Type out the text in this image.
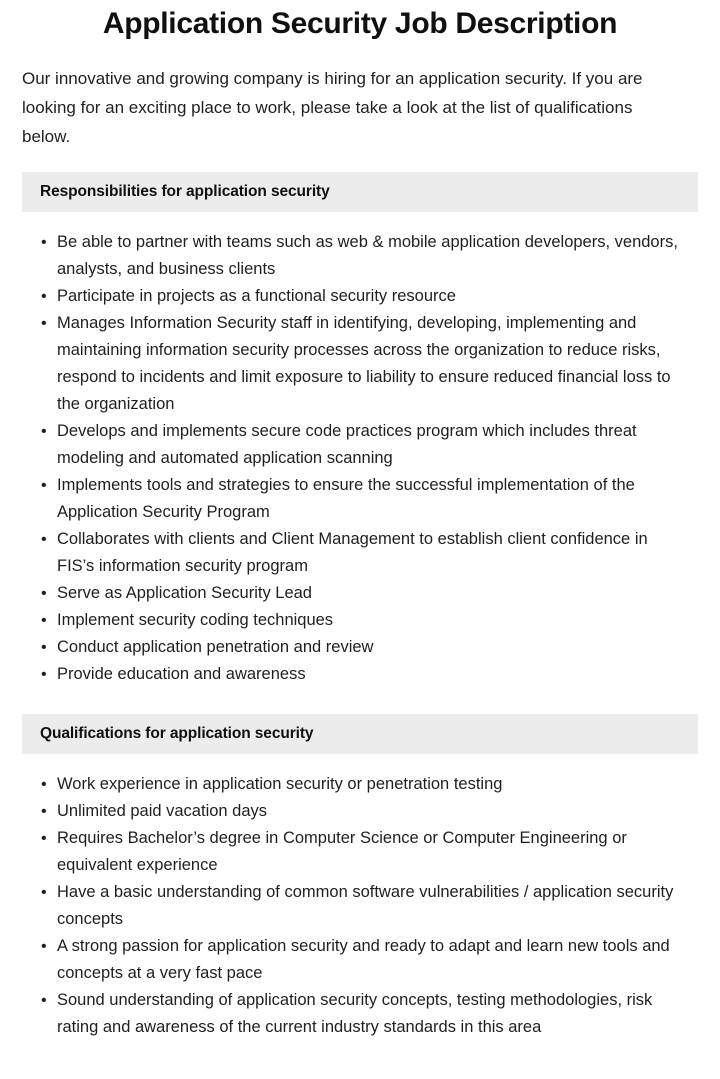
Application Security Job Description

Our innovative and growing company is hiring for an application security. If you are looking for an exciting place to work, please take a look at the list of qualifications below.

Responsibilities for application security
• Be able to partner with teams such as web & mobile application developers, vendors, analysts, and business clients
• Participate in projects as a functional security resource
• Manages Information Security staff in identifying, developing, implementing and maintaining information security processes across the organization to reduce risks, respond to incidents and limit exposure to liability to ensure reduced financial loss to the organization
• Develops and implements secure code practices program which includes threat modeling and automated application scanning
• Implements tools and strategies to ensure the successful implementation of the Application Security Program
• Collaborates with clients and Client Management to establish client confidence in FIS’s information security program
• Serve as Application Security Lead
• Implement security coding techniques
• Conduct application penetration and review
• Provide education and awareness
Qualifications for application security
• Work experience in application security or penetration testing
• Unlimited paid vacation days
• Requires Bachelor’s degree in Computer Science or Computer Engineering or equivalent experience
• Have a basic understanding of common software vulnerabilities / application security concepts
• A strong passion for application security and ready to adapt and learn new tools and concepts at a very fast pace
• Sound understanding of application security concepts, testing methodologies, risk rating and awareness of the current industry standards in this area
